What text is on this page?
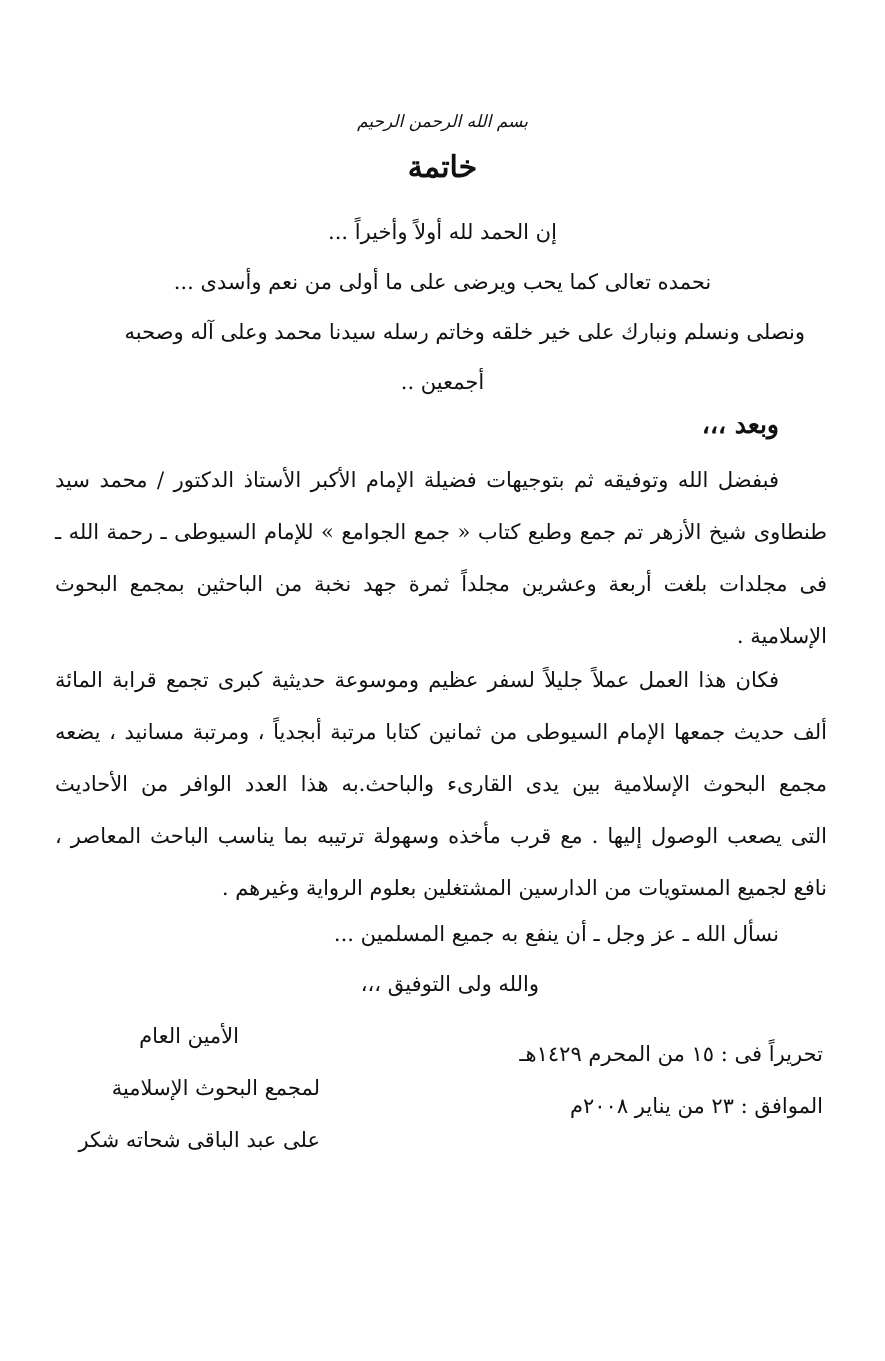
بسم الله الرحمن الرحيم
خاتمة
إن الحمد لله أولاً وأخيراً ...
نحمده تعالى كما يحب ويرضى على ما أولى من نعم وأسدى ...
ونصلى ونسلم ونبارك على خير خلقه وخاتم رسله سيدنا محمد وعلى آله وصحبه
أجمعين ..
وبعد ،،،
فبفضل الله وتوفيقه ثم بتوجيهات فضيلة الإمام الأكبر الأستاذ الدكتور / محمد سيد
طنطاوى شيخ الأزهر تم جمع وطبع كتاب « جمع الجوامع » للإمام السيوطى ـ رحمة الله ـ
فى مجلدات بلغت أربعة وعشرين مجلداً ثمرة جهد نخبة من الباحثين بمجمع البحوث
الإسلامية .
فكان هذا العمل عملاً جليلاً لسفر عظيم وموسوعة حديثية كبرى تجمع قرابة المائة
ألف حديث جمعها الإمام السيوطى من ثمانين كتابا مرتبة أبجدياً ، ومرتبة مسانيد ، يضعه
مجمع البحوث الإسلامية بين يدى القارىء والباحث.به هذا العدد الوافر من الأحاديث
التى يصعب الوصول إليها . مع قرب مأخذه وسهولة ترتيبه بما يناسب الباحث المعاصر ،
نافع لجميع المستويات من الدارسين المشتغلين بعلوم الرواية وغيرهم .
نسأل الله ـ عز وجل ـ أن ينفع به جميع المسلمين ...
والله ولى التوفيق ،،،
تحريراً فى : ١٥ من المحرم ١٤٢٩هـ
الموافق : ٢٣ من يناير ٢٠٠٨م
الأمين العام
لمجمع البحوث الإسلامية
على عبد الباقى شحاته شكر
